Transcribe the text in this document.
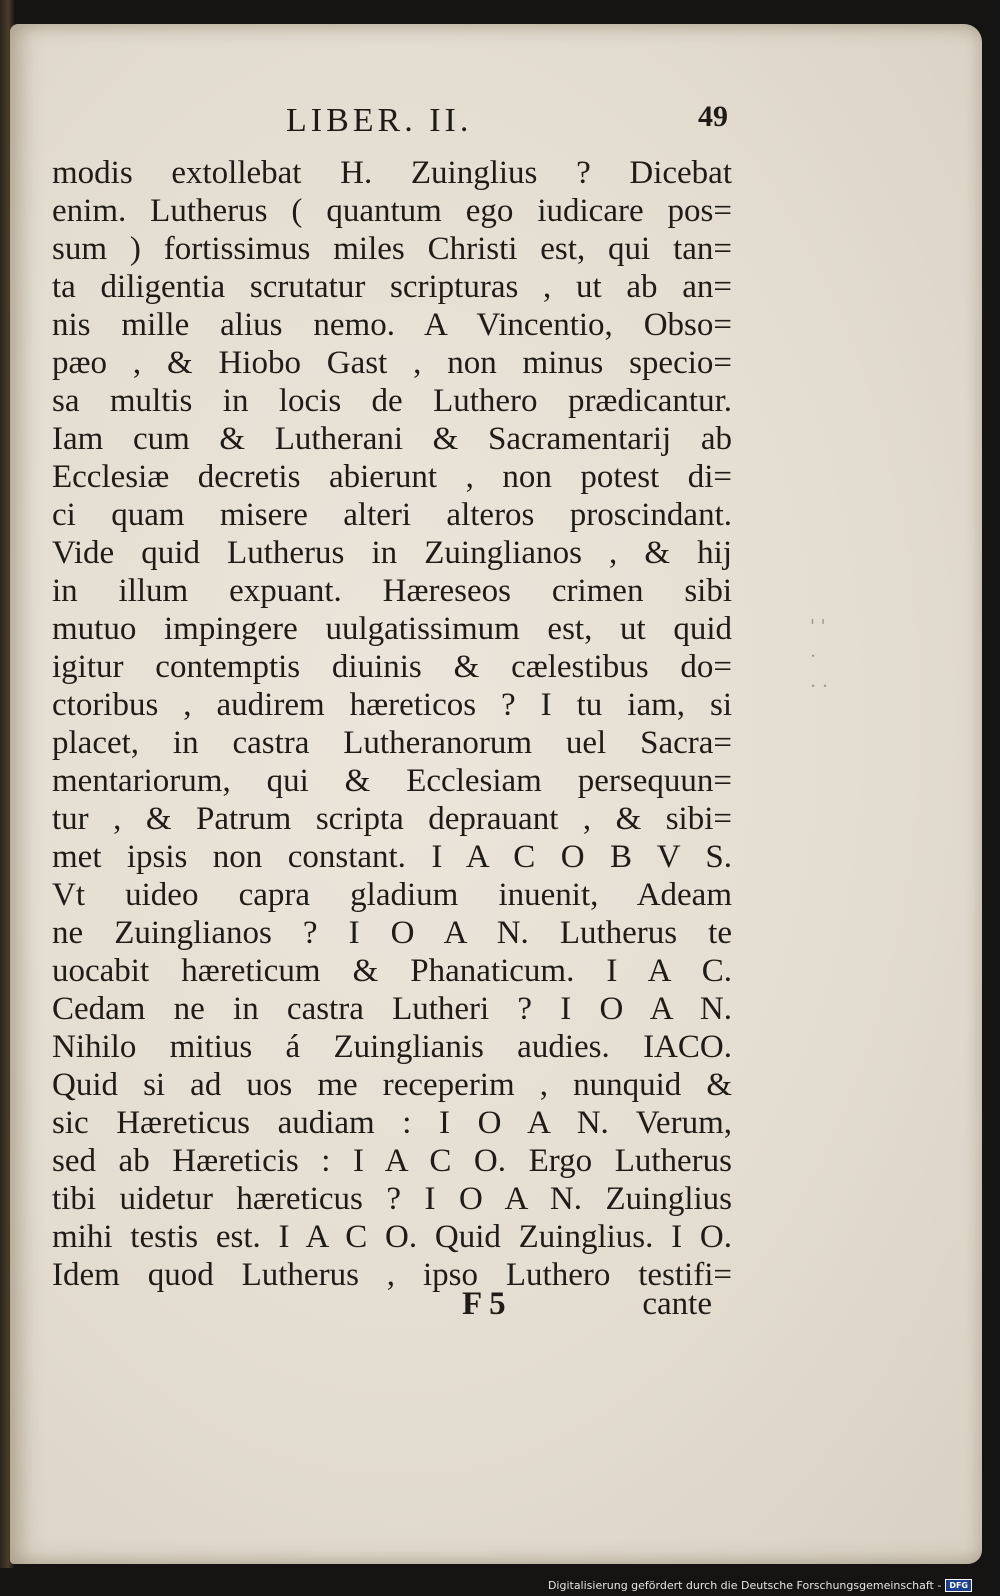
LIBER. II.	49
modis extollebat H. Zuinglius ? Dicebat
enim. Lutherus ( quantum ego iudicare pos=
sum ) fortissimus miles Christi est, qui tan=
ta diligentia scrutatur scripturas , ut ab an=
nis mille alius nemo. A Vincentio, Obso=
pæo , & Hiobo Gast , non minus specio=
sa multis in locis de Luthero prædicantur.
Iam cum & Lutherani & Sacramentarij ab
Ecclesiæ decretis abierunt , non potest di=
ci quam misere alteri alteros proscindant.
Vide quid Lutherus in Zuinglianos , & hij
in illum expuant. Hæreseos crimen sibi
mutuo impingere uulgatissimum est, ut quid
igitur contemptis diuinis & cælestibus do=
ctoribus , audirem hæreticos ? I tu iam, si
placet, in castra Lutheranorum uel Sacra=
mentariorum, qui & Ecclesiam persequun=
tur , & Patrum scripta deprauant , & sibi=
met ipsis non constant. I A C O B V S.
Vt uideo capra gladium inuenit, Adeam
ne Zuinglianos ? I O A N. Lutherus te
uocabit hæreticum & Phanaticum. I A C.
Cedam ne in castra Lutheri ? I O A N.
Nihilo mitius á Zuinglianis audies. IACO.
Quid si ad uos me receperim , nunquid &
sic Hæreticus audiam : I O A N. Verum,
sed ab Hæreticis : I A C O. Ergo Lutherus
tibi uidetur hæreticus ? I O A N. Zuinglius
mihi testis est. I A C O. Quid Zuinglius. I O.
Idem quod Lutherus , ipso Luthero testifi=
F 5	cante
' '
⋅
⋅ ⋅
Digitalisierung gefördert durch die Deutsche Forschungsgemeinschaft -	DFG
